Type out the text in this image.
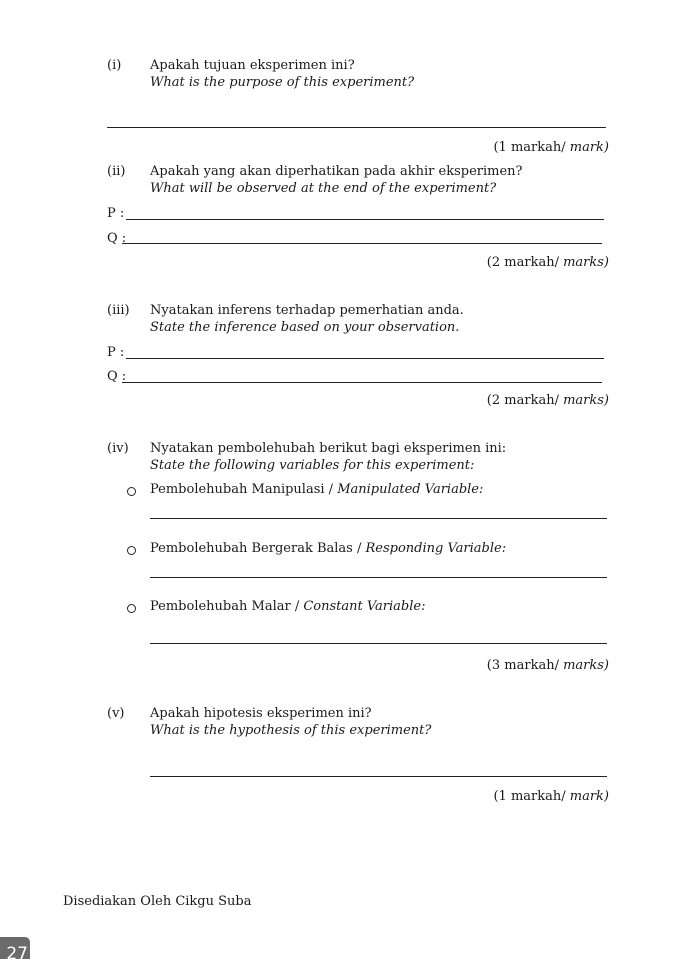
(i) Apakah tujuan eksperimen ini?
What is the purpose of this experiment?
(1 markah/ mark)
(ii) Apakah yang akan diperhatikan pada akhir eksperimen?
What will be observed at the end of the experiment?
P :
Q :
(2 markah/ marks)
(iii) Nyatakan inferens terhadap pemerhatian anda.
State the inference based on your observation.
P :
Q :
(2 markah/ marks)
(iv) Nyatakan pembolehubah berikut bagi eksperimen ini:
State the following variables for this experiment:
Pembolehubah Manipulasi / Manipulated Variable:
Pembolehubah Bergerak Balas / Responding Variable:
Pembolehubah Malar / Constant Variable:
(3 markah/ marks)
(v) Apakah hipotesis eksperimen ini?
What is the hypothesis of this experiment?
(1 markah/ mark)
Disediakan Oleh Cikgu Suba
27
